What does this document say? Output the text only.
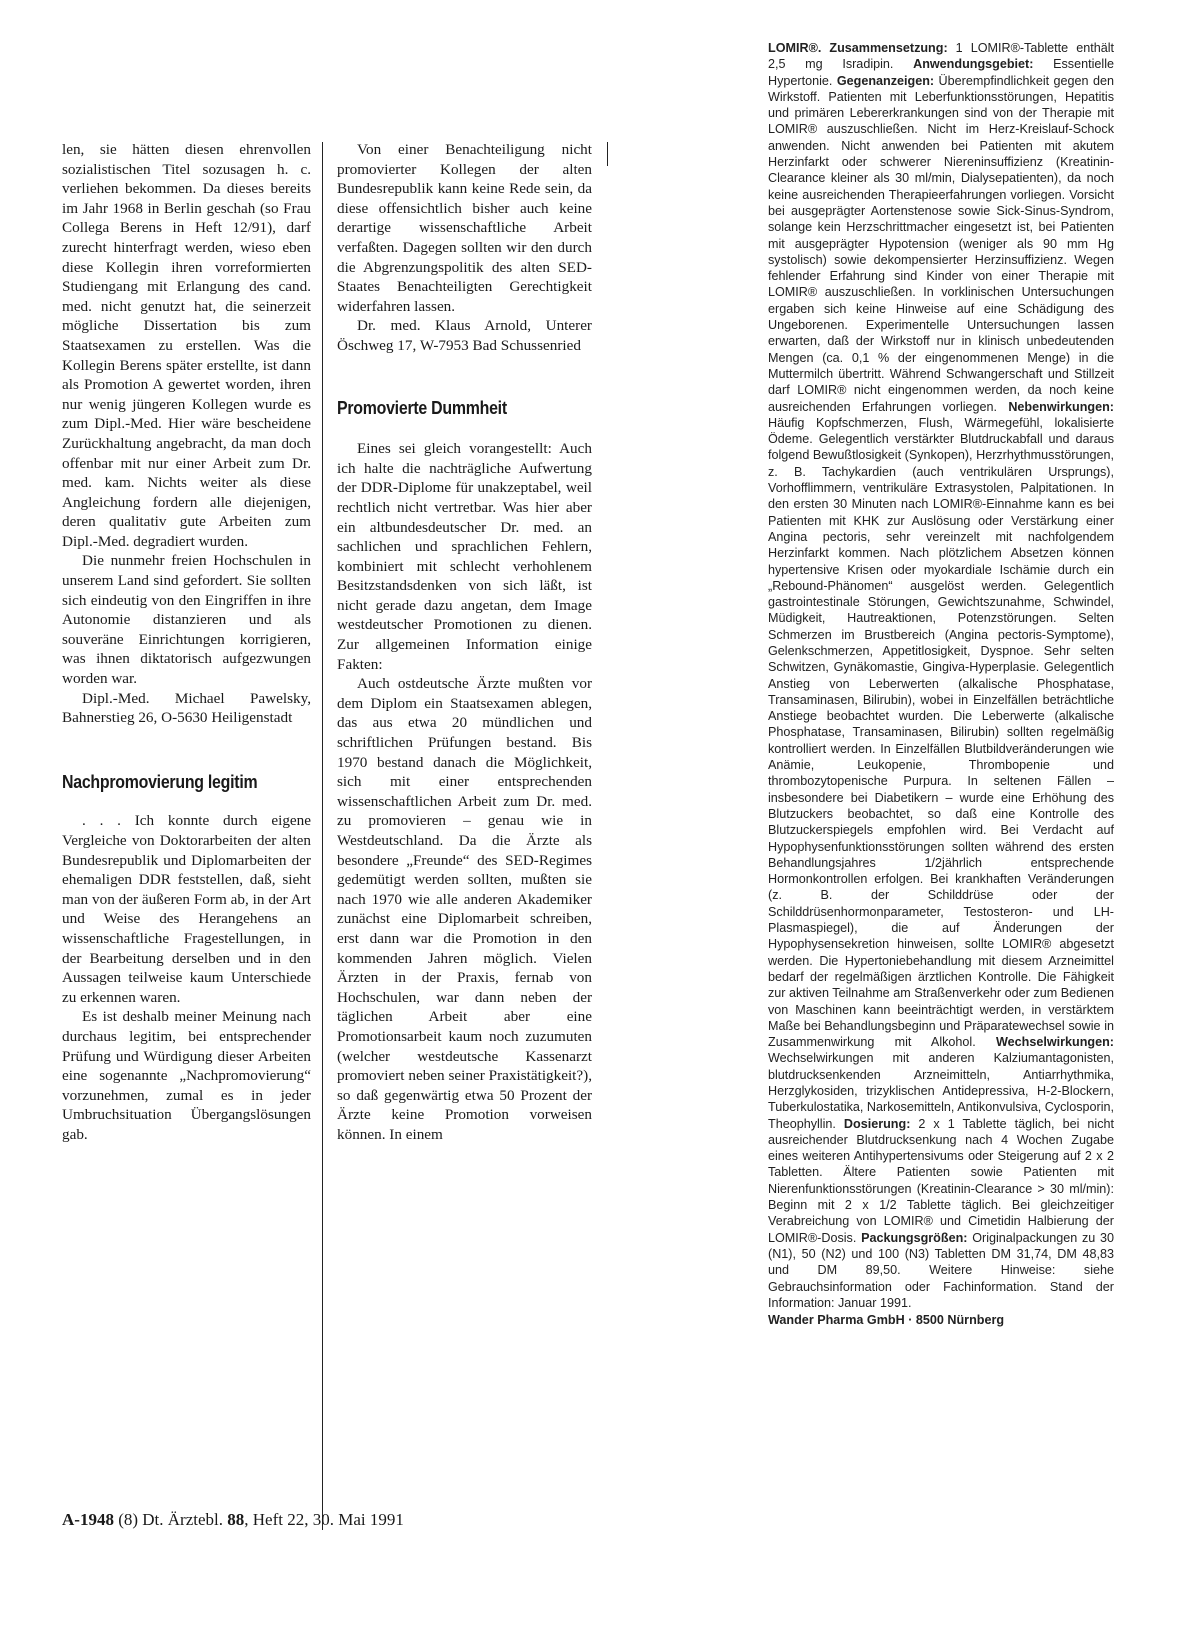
len, sie hätten diesen ehrenvollen sozialistischen Titel sozusagen h. c. verliehen bekommen. Da dieses bereits im Jahr 1968 in Berlin geschah (so Frau Collega Berens in Heft 12/91), darf zurecht hinterfragt werden, wieso eben diese Kollegin ihren vorreformierten Studiengang mit Erlangung des cand. med. nicht genutzt hat, die seinerzeit mögliche Dissertation bis zum Staatsexamen zu erstellen. Was die Kollegin Berens später erstellte, ist dann als Promotion A gewertet worden, ihren nur wenig jüngeren Kollegen wurde es zum Dipl.-Med. Hier wäre bescheidene Zurückhaltung angebracht, da man doch offenbar mit nur einer Arbeit zum Dr. med. kam. Nichts weiter als diese Angleichung fordern alle diejenigen, deren qualitativ gute Arbeiten zum Dipl.-Med. degradiert wurden.

Die nunmehr freien Hochschulen in unserem Land sind gefordert. Sie sollten sich eindeutig von den Eingriffen in ihre Autonomie distanzieren und als souveräne Einrichtungen korrigieren, was ihnen diktatorisch aufgezwungen worden war.

Dipl.-Med. Michael Pawelsky, Bahnerstieg 26, O-5630 Heiligenstadt

Nachpromovierung legitim

. . . Ich konnte durch eigene Vergleiche von Doktorarbeiten der alten Bundesrepublik und Diplomarbeiten der ehemaligen DDR feststellen, daß, sieht man von der äußeren Form ab, in der Art und Weise des Herangehens an wissenschaftliche Fragestellungen, in der Bearbeitung derselben und in den Aussagen teilweise kaum Unterschiede zu erkennen waren.

Es ist deshalb meiner Meinung nach durchaus legitim, bei entsprechender Prüfung und Würdigung dieser Arbeiten eine sogenannte „Nachpromovierung“ vorzunehmen, zumal es in jeder Umbruchsituation Übergangslösungen gab.

Von einer Benachteiligung nicht promovierter Kollegen der alten Bundesrepublik kann keine Rede sein, da diese offensichtlich bisher auch keine derartige wissenschaftliche Arbeit verfaßten. Dagegen sollten wir den durch die Abgrenzungspolitik des alten SED-Staates Benachteiligten Gerechtigkeit widerfahren lassen.

Dr. med. Klaus Arnold, Unterer Öschweg 17, W-7953 Bad Schussenried

Promovierte Dummheit

Eines sei gleich vorangestellt: Auch ich halte die nachträgliche Aufwertung der DDR-Diplome für unakzeptabel, weil rechtlich nicht vertretbar. Was hier aber ein altbundesdeutscher Dr. med. an sachlichen und sprachlichen Fehlern, kombiniert mit schlecht verhohlenem Besitzstandsdenken von sich läßt, ist nicht gerade dazu angetan, dem Image westdeutscher Promotionen zu dienen. Zur allgemeinen Information einige Fakten:

Auch ostdeutsche Ärzte mußten vor dem Diplom ein Staatsexamen ablegen, das aus etwa 20 mündlichen und schriftlichen Prüfungen bestand. Bis 1970 bestand danach die Möglichkeit, sich mit einer entsprechenden wissenschaftlichen Arbeit zum Dr. med. zu promovieren – genau wie in Westdeutschland. Da die Ärzte als besondere „Freunde“ des SED-Regimes gedemütigt werden sollten, mußten sie nach 1970 wie alle anderen Akademiker zunächst eine Diplomarbeit schreiben, erst dann war die Promotion in den kommenden Jahren möglich. Vielen Ärzten in der Praxis, fernab von Hochschulen, war dann neben der täglichen Arbeit aber eine Promotionsarbeit kaum noch zuzumuten (welcher westdeutsche Kassenarzt promoviert neben seiner Praxistätigkeit?), so daß gegenwärtig etwa 50 Prozent der Ärzte keine Promotion vorweisen können. In einem

LOMIR®. Zusammensetzung: 1 LOMIR®-Tablette enthält 2,5 mg Isradipin. Anwendungsgebiet: Essentielle Hypertonie. Gegenanzeigen: Überempfindlichkeit gegen den Wirkstoff. Patienten mit Leberfunktionsstörungen, Hepatitis und primären Lebererkrankungen sind von der Therapie mit LOMIR® auszuschließen. Nicht im Herz-Kreislauf-Schock anwenden. Nicht anwenden bei Patienten mit akutem Herzinfarkt oder schwerer Niereninsuffizienz (Kreatinin-Clearance kleiner als 30 ml/min, Dialysepatienten), da noch keine ausreichenden Therapieerfahrungen vorliegen. Vorsicht bei ausgeprägter Aortenstenose sowie Sick-Sinus-Syndrom, solange kein Herzschrittmacher eingesetzt ist, bei Patienten mit ausgeprägter Hypotension (weniger als 90 mm Hg systolisch) sowie dekompensierter Herzinsuffizienz. Wegen fehlender Erfahrung sind Kinder von einer Therapie mit LOMIR® auszuschließen. In vorklinischen Untersuchungen ergaben sich keine Hinweise auf eine Schädigung des Ungeborenen. Experimentelle Untersuchungen lassen erwarten, daß der Wirkstoff nur in klinisch unbedeutenden Mengen (ca. 0,1 % der eingenommenen Menge) in die Muttermilch übertritt. Während Schwangerschaft und Stillzeit darf LOMIR® nicht eingenommen werden, da noch keine ausreichenden Erfahrungen vorliegen. Nebenwirkungen: Häufig Kopfschmerzen, Flush, Wärmegefühl, lokalisierte Ödeme. Gelegentlich verstärkter Blutdruckabfall und daraus folgend Bewußtlosigkeit (Synkopen), Herzrhythmusstörungen, z. B. Tachykardien (auch ventrikulären Ursprungs), Vorhofflimmern, ventrikuläre Extrasystolen, Palpitationen. In den ersten 30 Minuten nach LOMIR®-Einnahme kann es bei Patienten mit KHK zur Auslösung oder Verstärkung einer Angina pectoris, sehr vereinzelt mit nachfolgendem Herzinfarkt kommen. Nach plötzlichem Absetzen können hypertensive Krisen oder myokardiale Ischämie durch ein „Rebound-Phänomen“ ausgelöst werden. Gelegentlich gastrointestinale Störungen, Gewichtszunahme, Schwindel, Müdigkeit, Hautreaktionen, Potenzstörungen. Selten Schmerzen im Brustbereich (Angina pectoris-Symptome), Gelenkschmerzen, Appetitlosigkeit, Dyspnoe. Sehr selten Schwitzen, Gynäkomastie, Gingiva-Hyperplasie. Gelegentlich Anstieg von Leberwerten (alkalische Phosphatase, Transaminasen, Bilirubin), wobei in Einzelfällen beträchtliche Anstiege beobachtet wurden. Die Leberwerte (alkalische Phosphatase, Transaminasen, Bilirubin) sollten regelmäßig kontrolliert werden. In Einzelfällen Blutbildveränderungen wie Anämie, Leukopenie, Thrombopenie und thrombozytopenische Purpura. In seltenen Fällen – insbesondere bei Diabetikern – wurde eine Erhöhung des Blutzuckers beobachtet, so daß eine Kontrolle des Blutzuckerspiegels empfohlen wird. Bei Verdacht auf Hypophysenfunktionsstörungen sollten während des ersten Behandlungsjahres 1/2jährlich entsprechende Hormonkontrollen erfolgen. Bei krankhaften Veränderungen (z. B. der Schilddrüse oder der Schilddrüsenhormonparameter, Testosteron- und LH-Plasmaspiegel), die auf Änderungen der Hypophysensekretion hinweisen, sollte LOMIR® abgesetzt werden. Die Hypertoniebehandlung mit diesem Arzneimittel bedarf der regelmäßigen ärztlichen Kontrolle. Die Fähigkeit zur aktiven Teilnahme am Straßenverkehr oder zum Bedienen von Maschinen kann beeinträchtigt werden, in verstärktem Maße bei Behandlungsbeginn und Präparatewechsel sowie in Zusammenwirkung mit Alkohol. Wechselwirkungen: Wechselwirkungen mit anderen Kalziumantagonisten, blutdrucksenkenden Arzneimitteln, Antiarrhythmika, Herzglykosiden, trizyklischen Antidepressiva, H-2-Blockern, Tuberkulostatika, Narkosemitteln, Antikonvulsiva, Cyclosporin, Theophyllin. Dosierung: 2 x 1 Tablette täglich, bei nicht ausreichender Blutdrucksenkung nach 4 Wochen Zugabe eines weiteren Antihypertensivums oder Steigerung auf 2 x 2 Tabletten. Ältere Patienten sowie Patienten mit Nierenfunktionsstörungen (Kreatinin-Clearance > 30 ml/min): Beginn mit 2 x 1/2 Tablette täglich. Bei gleichzeitiger Verabreichung von LOMIR® und Cimetidin Halbierung der LOMIR®-Dosis. Packungsgrößen: Originalpackungen zu 30 (N1), 50 (N2) und 100 (N3) Tabletten DM 31,74, DM 48,83 und DM 89,50. Weitere Hinweise: siehe Gebrauchsinformation oder Fachinformation. Stand der Information: Januar 1991.
Wander Pharma GmbH · 8500 Nürnberg
A-1948 (8) Dt. Ärztebl. 88, Heft 22, 30. Mai 1991
